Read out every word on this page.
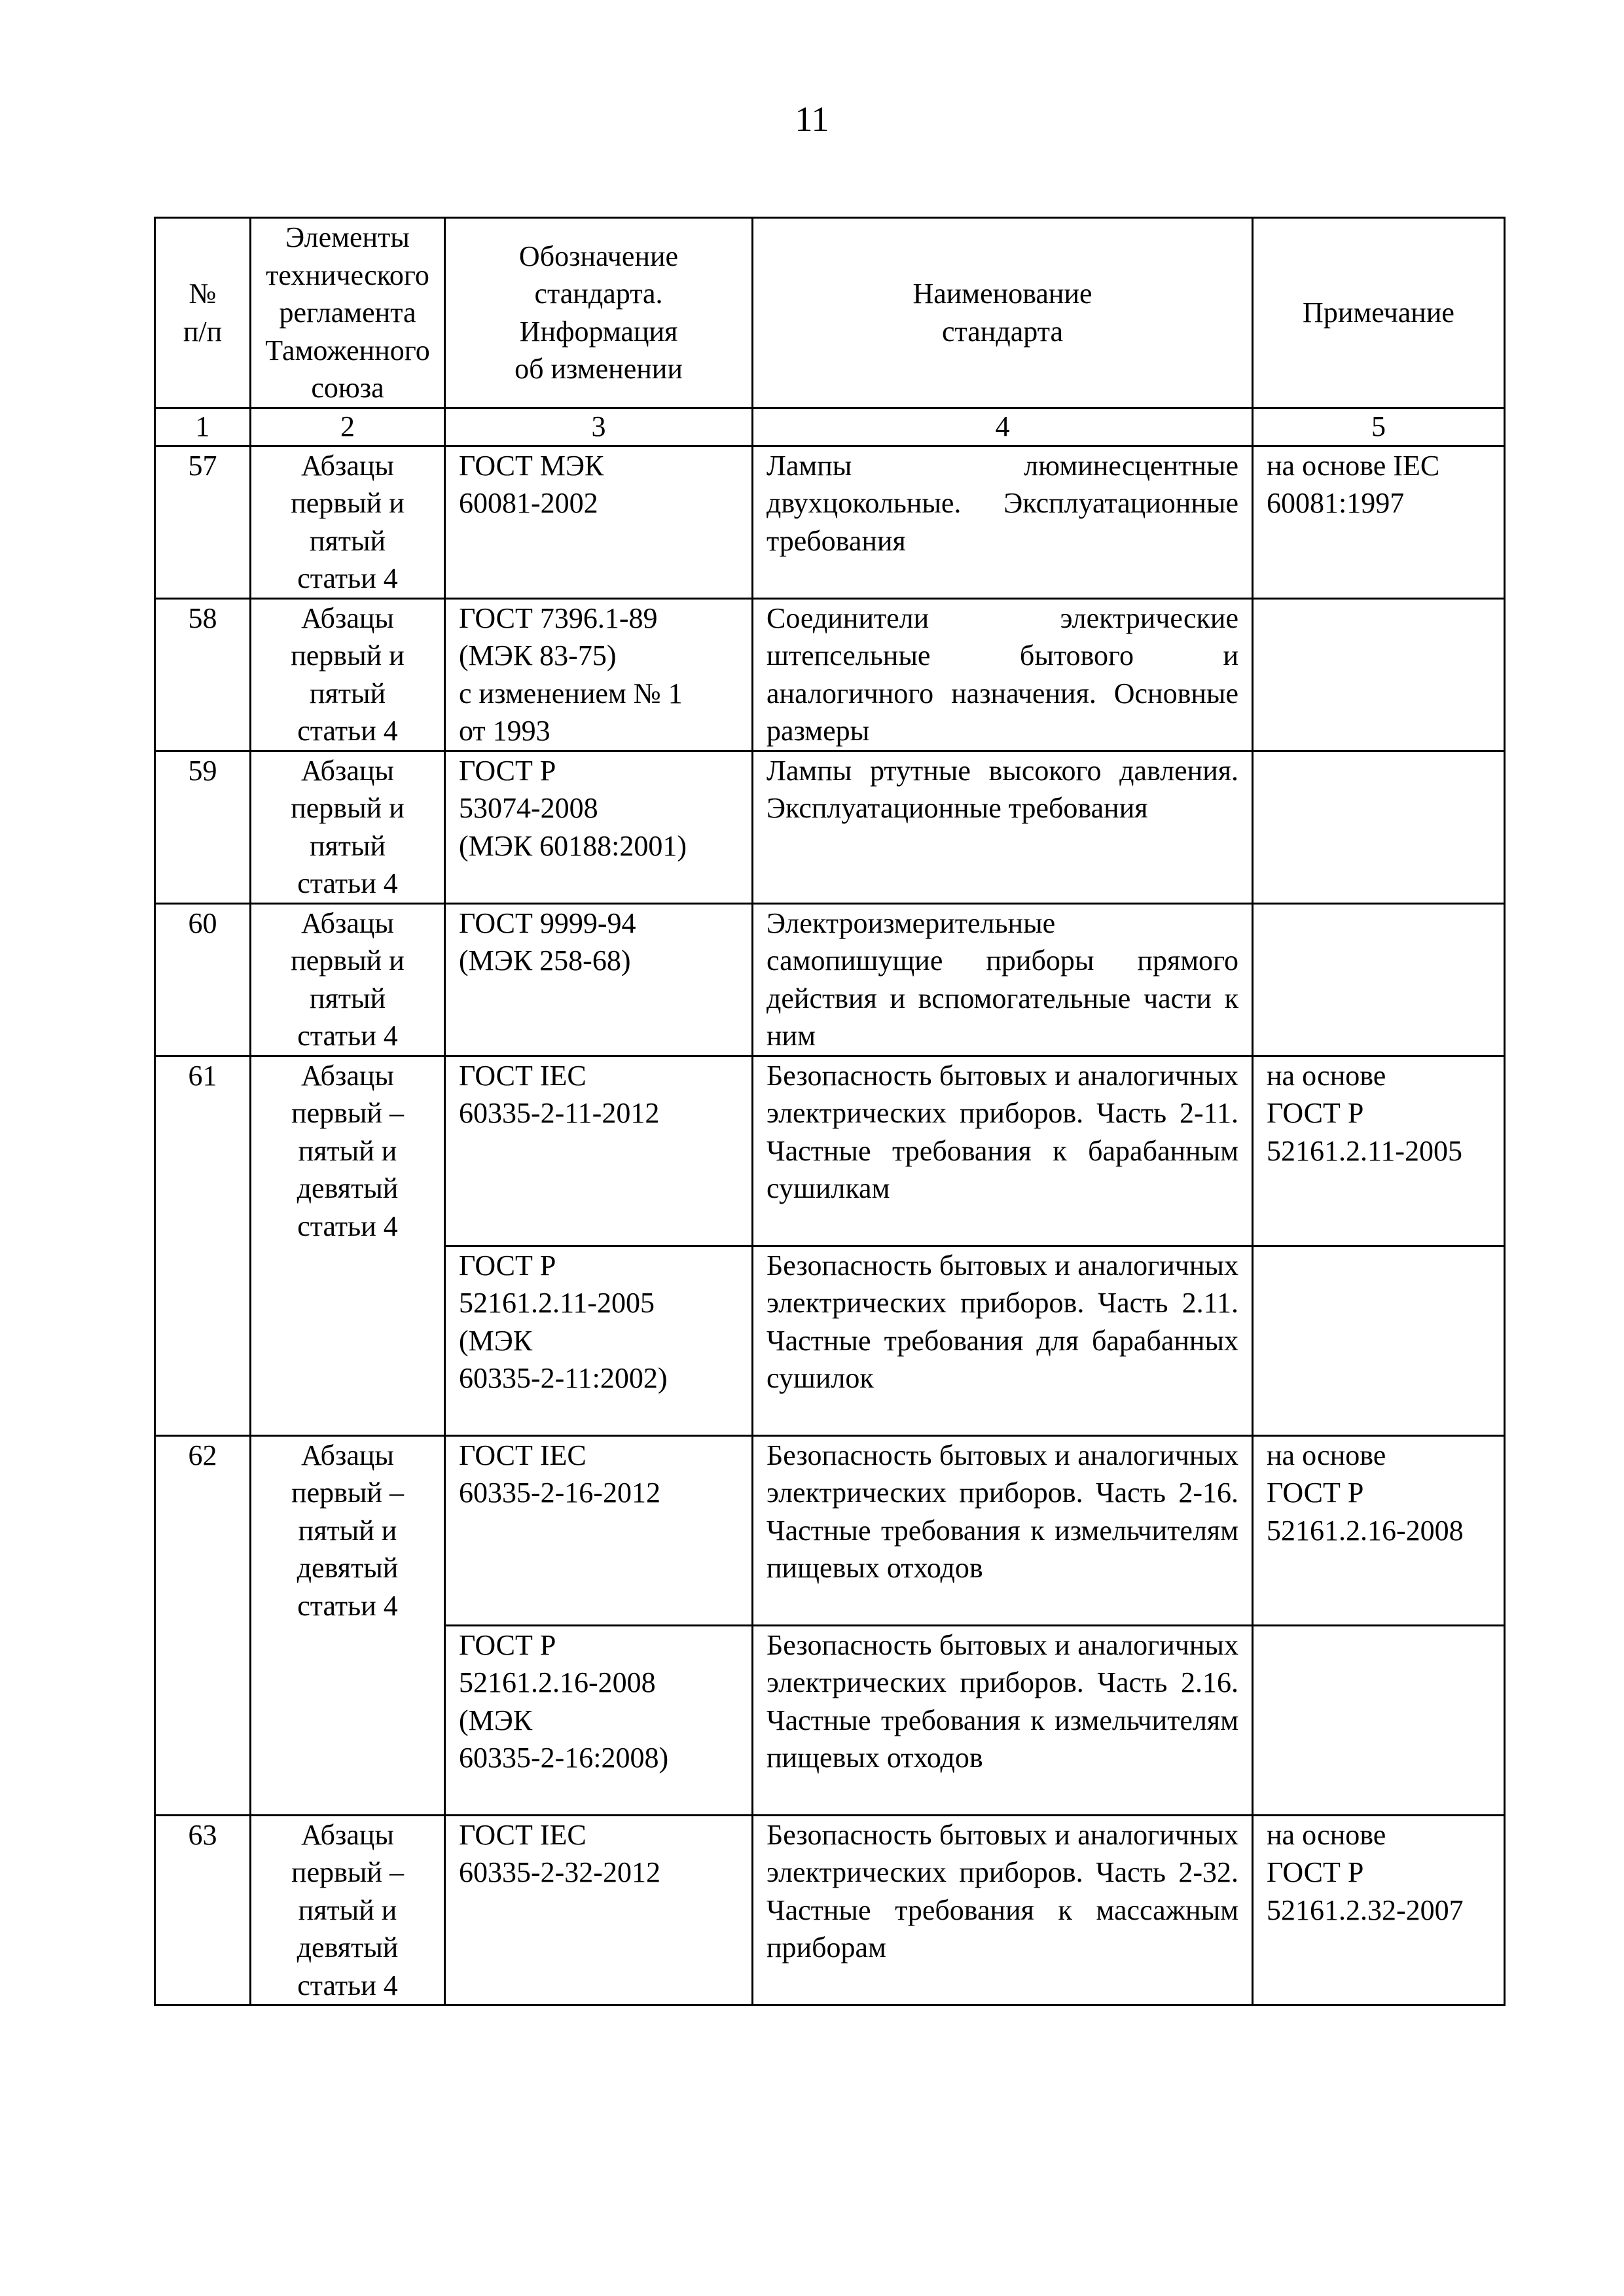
11
№
п/п	Элементы
технического
регламента
Таможенного
союза	Обозначение
стандарта.
Информация
об изменении	Наименование
стандарта	Примечание

1	2	3	4	5
57	Абзацы
первый и
пятый
статьи 4	ГОСТ МЭК
60081-2002	Лампы люминесцентные двухцокольные. Эксплуатационные требования	на основе IEC
60081:1997

58	Абзацы
первый и
пятый
статьи 4	ГОСТ 7396.1-89
(МЭК 83-75)
с изменением № 1
от 1993	Соединители электрические штепсельные бытового и аналогичного назначения. Основные размеры	
59	Абзацы
первый и
пятый
статьи 4	ГОСТ Р
53074-2008
(МЭК 60188:2001)	Лампы ртутные высокого давления. Эксплуатационные требования	
60	Абзацы
первый и
пятый
статьи 4	ГОСТ 9999-94
(МЭК 258-68)	Электроизмерительные самопишущие приборы прямого действия и вспомогательные части к ним	
61	Абзацы
первый –
пятый и
девятый
статьи 4	ГОСТ IEC
60335-2-11-2012	Безопасность бытовых и аналогичных электрических приборов. Часть 2-11. Частные требования к барабанным сушилкам	на основе
ГОСТ Р
52161.2.11-2005

		ГОСТ Р
52161.2.11-2005
(МЭК
60335-2-11:2002)	Безопасность бытовых и аналогичных электрических приборов. Часть 2.11. Частные требования для барабанных сушилок	
62	Абзацы
первый –
пятый и
девятый
статьи 4	ГОСТ IEC
60335-2-16-2012	Безопасность бытовых и аналогичных электрических приборов. Часть 2-16. Частные требования к измельчителям пищевых отходов	на основе
ГОСТ Р
52161.2.16-2008

		ГОСТ Р
52161.2.16-2008
(МЭК
60335-2-16:2008)	Безопасность бытовых и аналогичных электрических приборов. Часть 2.16. Частные требования к измельчителям пищевых отходов	
63	Абзацы
первый –
пятый и
девятый
статьи 4	ГОСТ IEC
60335-2-32-2012	Безопасность бытовых и аналогичных электрических приборов. Часть 2-32. Частные требования к массажным приборам	на основе
ГОСТ Р
52161.2.32-2007
